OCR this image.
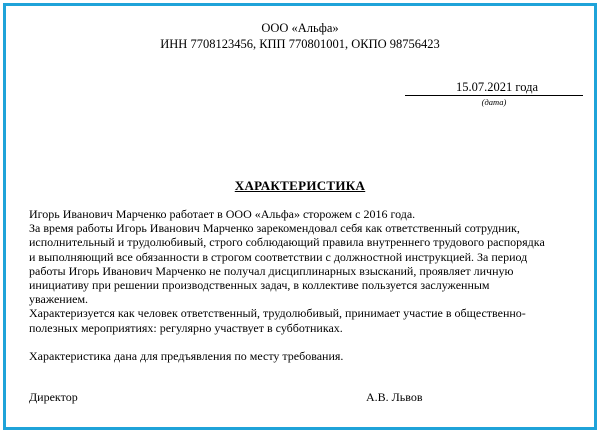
ООО «Альфа»
ИНН 7708123456, КПП 770801001, ОКПО 98756423
15.07.2021 года
(дата)
ХАРАКТЕРИСТИКА
Игорь Иванович Марченко работает в ООО «Альфа» сторожем с 2016 года.
За время работы Игорь Иванович Марченко зарекомендовал себя как ответственный сотрудник,
исполнительный и трудолюбивый, строго соблюдающий правила внутреннего трудового распорядка
и выполняющий все обязанности в строгом соответствии с должностной инструкцией. За период
работы Игорь Иванович Марченко не получал дисциплинарных взысканий, проявляет личную
инициативу при решении производственных задач, в коллективе пользуется заслуженным
уважением.
Характеризуется как человек ответственный, трудолюбивый, принимает участие в общественно-
полезных мероприятиях: регулярно участвует в субботниках.
Характеристика дана для предъявления по месту требования.
Директор	А.В. Львов
